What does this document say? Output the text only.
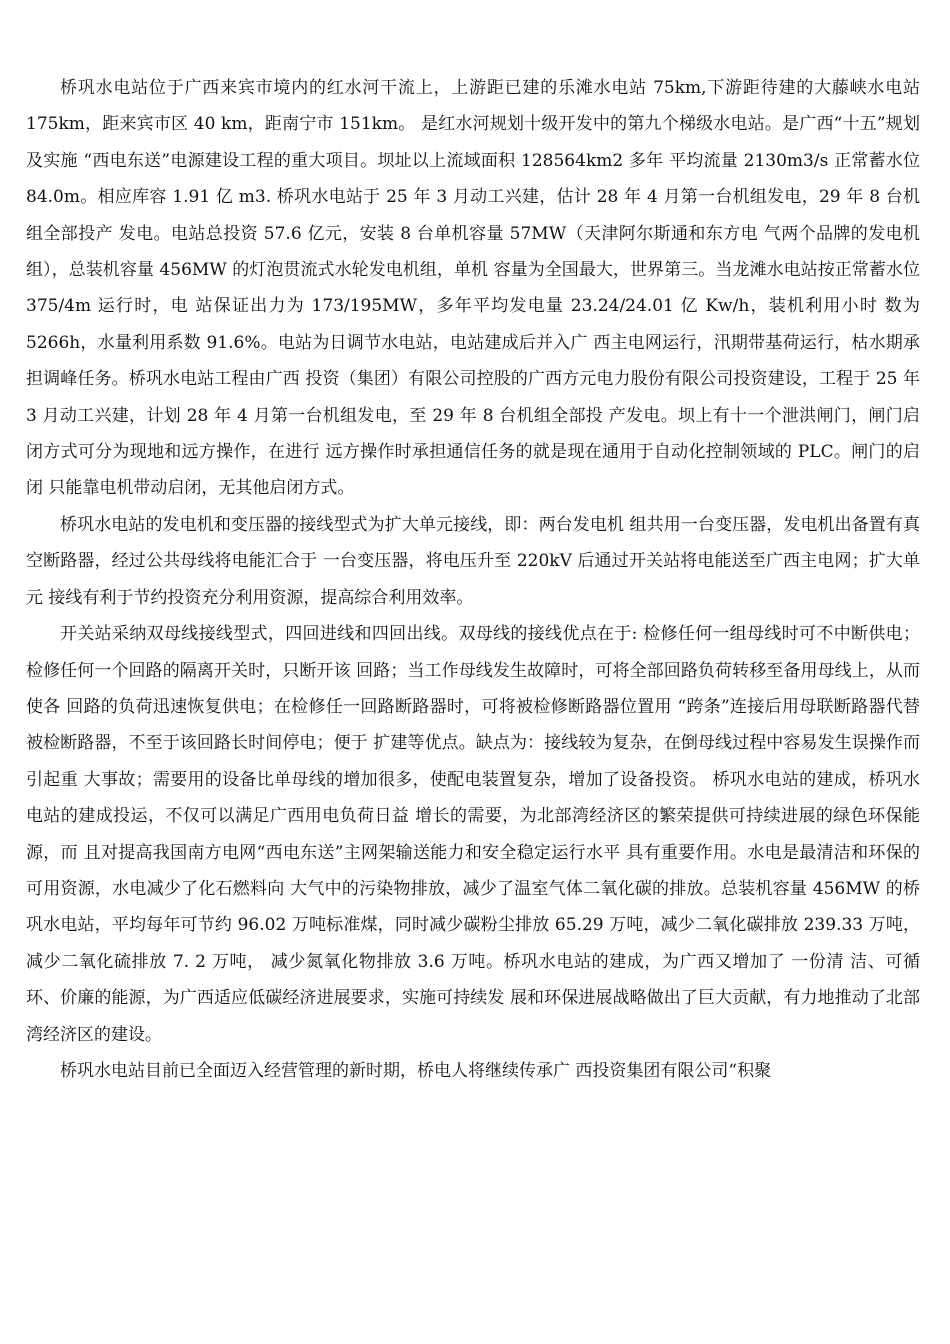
桥巩水电站位于广西来宾市境内的红水河干流上，上游距已建的乐滩水电站 75km,下游距待建的大藤峡水电站 175km，距来宾市区 40 km，距南宁市 151km。 是红水河规划十级开发中的第九个梯级水电站。是广西“十五”规划及实施 “西电东送”电源建设工程的重大项目。坝址以上流域面积 128564km2 多年 平均流量 2130m3/s 正常蓄水位 84.0m。相应库容 1.91 亿 m3. 桥巩水电站于 25 年 3 月动工兴建，估计 28 年 4 月第一台机组发电，29 年 8 台机组全部投产 发电。电站总投资 57.6 亿元，安装 8 台单机容量 57MW（天津阿尔斯通和东方电 气两个品牌的发电机组），总装机容量 456MW 的灯泡贯流式水轮发电机组，单机 容量为全国最大，世界第三。当龙滩水电站按正常蓄水位 375/4m 运行时，电 站保证出力为 173/195MW，多年平均发电量 23.24/24.01 亿 Kw/h，装机利用小时 数为 5266h，水量利用系数 91.6%。电站为日调节水电站，电站建成后并入广 西主电网运行，汛期带基荷运行，枯水期承担调峰任务。桥巩水电站工程由广西 投资（集团）有限公司控股的广西方元电力股份有限公司投资建设，工程于 25 年 3 月动工兴建，计划 28 年 4 月第一台机组发电，至 29 年 8 台机组全部投 产发电。坝上有十一个泄洪闸门，闸门启闭方式可分为现地和远方操作，在进行 远方操作时承担通信任务的就是现在通用于自动化控制领域的 PLC。闸门的启闭 只能靠电机带动启闭，无其他启闭方式。

桥巩水电站的发电机和变压器的接线型式为扩大单元接线，即：两台发电机 组共用一台变压器，发电机出备置有真空断路器，经过公共母线将电能汇合于 一台变压器，将电压升至 220kV 后通过开关站将电能送至广西主电网；扩大单元 接线有利于节约投资充分利用资源，提高综合利用效率。

开关站采纳双母线接线型式，四回进线和四回出线。双母线的接线优点在于: 检修任何一组母线时可不中断供电；检修任何一个回路的隔离开关时，只断开该 回路；当工作母线发生故障时，可将全部回路负荷转移至备用母线上，从而使各 回路的负荷迅速恢复供电；在检修任一回路断路器时，可将被检修断路器位置用 “跨条”连接后用母联断路器代替被检断路器，不至于该回路长时间停电；便于 扩建等优点。缺点为：接线较为复杂，在倒母线过程中容易发生误操作而引起重 大事故；需要用的设备比单母线的增加很多，使配电装置复杂，增加了设备投资。 桥巩水电站的建成，桥巩水电站的建成投运，不仅可以满足广西用电负荷日益 增长的需要，为北部湾经济区的繁荣提供可持续进展的绿色环保能源，而 且对提高我国南方电网“西电东送”主网架输送能力和安全稳定运行水平 具有重要作用。水电是最清洁和环保的可用资源，水电减少了化石燃料向 大气中的污染物排放，减少了温室气体二氧化碳的排放。总装机容量 456MW 的桥巩水电站，平均每年可节约 96.02 万吨标准煤，同时减少碳粉尘排放 65.29 万吨，减少二氧化碳排放 239.33 万吨，减少二氧化硫排放 7. 2 万吨， 减少氮氧化物排放 3.6 万吨。桥巩水电站的建成，为广西又增加了 一份清 洁、可循环、价廉的能源，为广西适应低碳经济进展要求，实施可持续发 展和环保进展战略做出了巨大贡献，有力地推动了北部湾经济区的建设。

桥巩水电站目前已全面迈入经营管理的新时期，桥电人将继续传承广 西投资集团有限公司“积聚
